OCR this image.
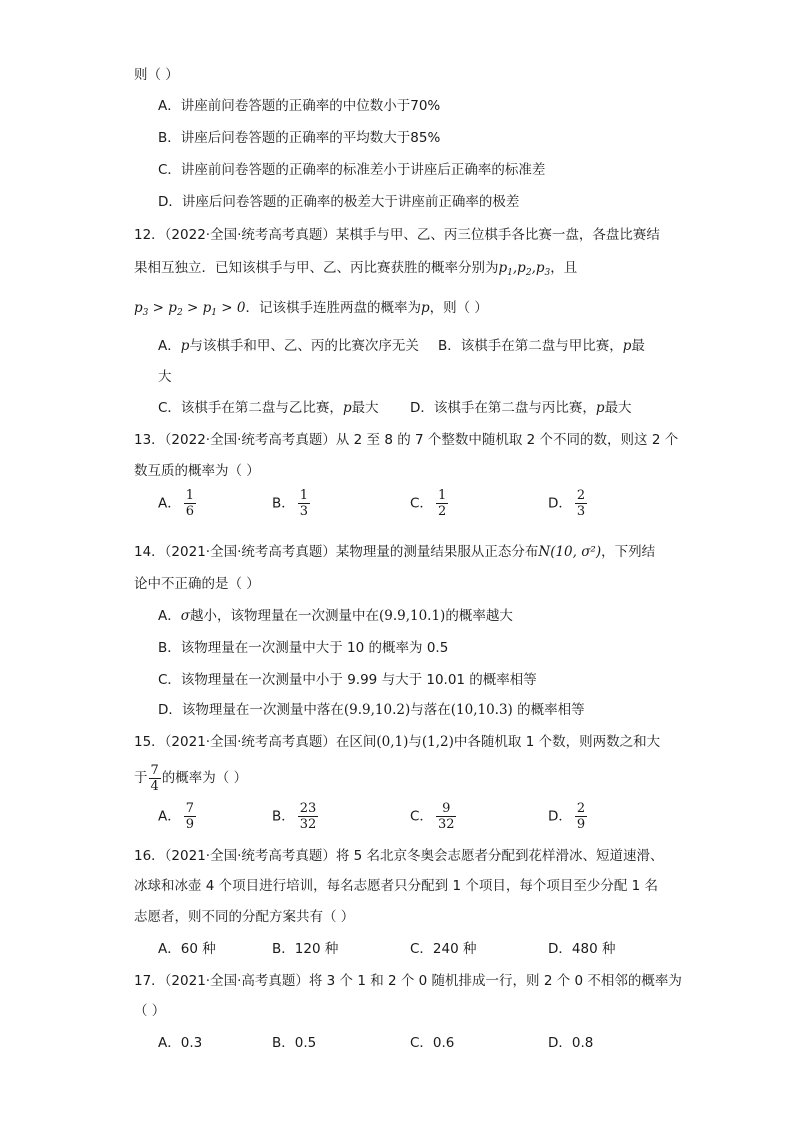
则（ ）
A．讲座前问卷答题的正确率的中位数小于70%
B．讲座后问卷答题的正确率的平均数大于85%
C．讲座前问卷答题的正确率的标准差小于讲座后正确率的标准差
D．讲座后问卷答题的正确率的极差大于讲座前正确率的极差
12．（2022·全国·统考高考真题）某棋手与甲、乙、丙三位棋手各比赛一盘，各盘比赛结
果相互独立．已知该棋手与甲、乙、丙比赛获胜的概率分别为$p_1,p_2,p_3$，且
$p_3 > p_2 > p_1 > 0$．记该棋手连胜两盘的概率为p，则（ ）
A．p与该棋手和甲、乙、丙的比赛次序无关 B．该棋手在第二盘与甲比赛，p最
大
C．该棋手在第二盘与乙比赛，p最大 D．该棋手在第二盘与丙比赛，p最大
13．（2022·全国·统考高考真题）从 2 至 8 的 7 个整数中随机取 2 个不同的数，则这 2 个
数互质的概率为（ ）
A． $\frac{1}{6}$	B． $\frac{1}{3}$	C． $\frac{1}{2}$	D． $\frac{2}{3}$
14．（2021·全国·统考高考真题）某物理量的测量结果服从正态分布N(10, σ²)，下列结
论中不正确的是（ ）
A．σ越小，该物理量在一次测量中在(9.9,10.1)的概率越大
B．该物理量在一次测量中大于 10 的概率为 0.5
C．该物理量在一次测量中小于 9.99 与大于 10.01 的概率相等
D．该物理量在一次测量中落在(9.9,10.2)与落在(10,10.3) 的概率相等
15．（2021·全国·统考高考真题）在区间(0,1)与(1,2)中各随机取 1 个数，则两数之和大
于 $\frac{7}{4}$ 的概率为（ ）
A． $\frac{7}{9}$	B． $\frac{23}{32}$	C． $\frac{9}{32}$	D． $\frac{2}{9}$
16．（2021·全国·统考高考真题）将 5 名北京冬奥会志愿者分配到花样滑冰、短道速滑、
冰球和冰壶 4 个项目进行培训，每名志愿者只分配到 1 个项目，每个项目至少分配 1 名
志愿者，则不同的分配方案共有（ ）
A．60 种	B．120 种	C．240 种	D．480 种
17．（2021·全国·高考真题）将 3 个 1 和 2 个 0 随机排成一行，则 2 个 0 不相邻的概率为
（ ）
A．0.3	B．0.5	C．0.6	D．0.8
